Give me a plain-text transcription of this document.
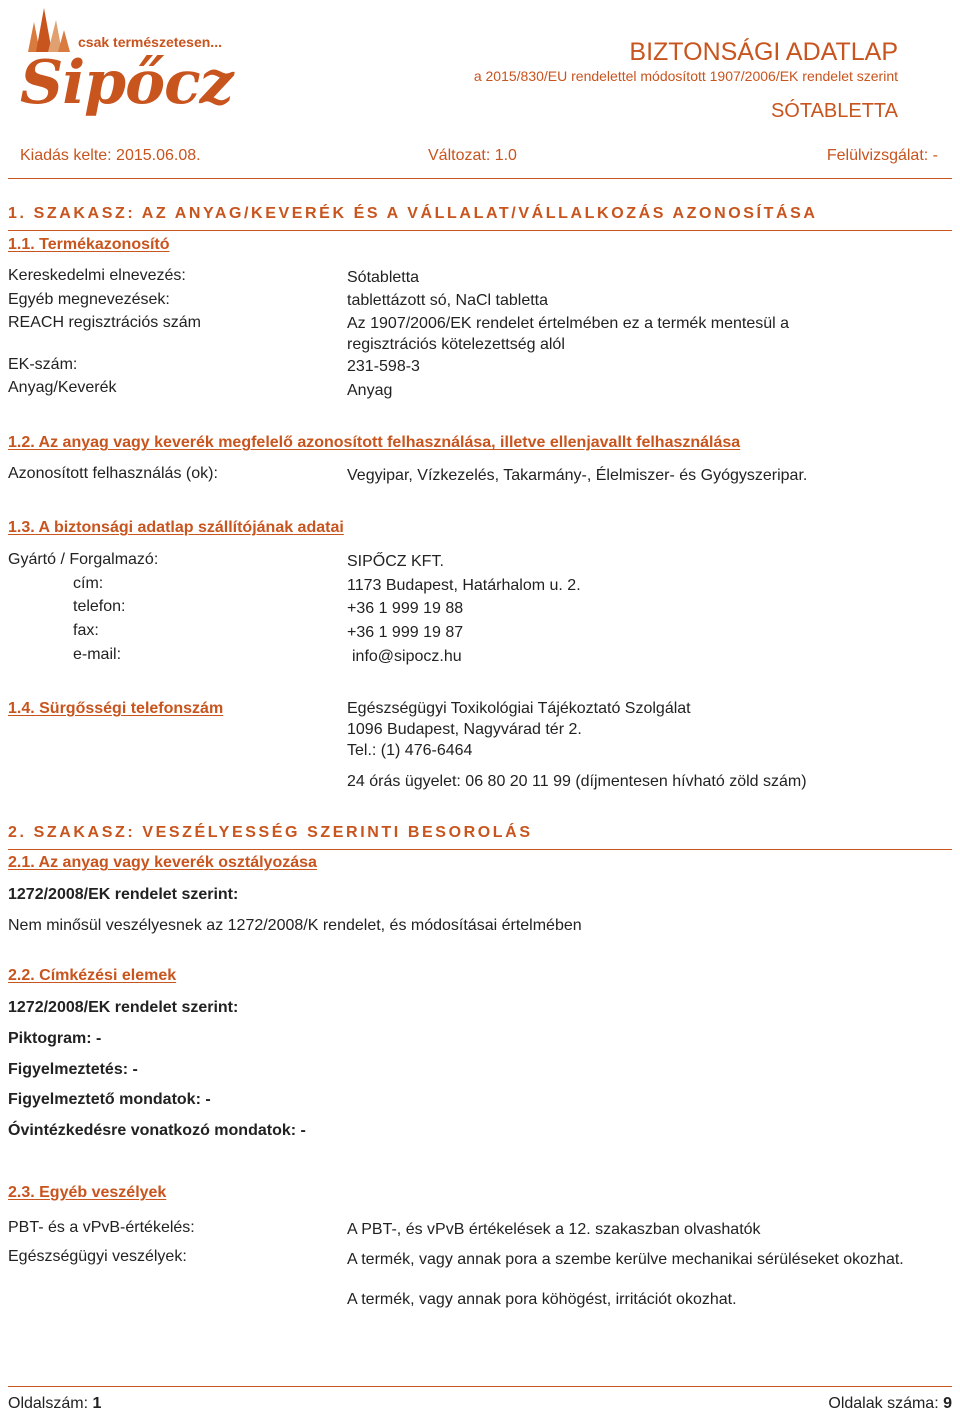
csak természetesen...
Sipőcz	BIZTONSÁGI ADATLAP
a 2015/830/EU rendelettel módosított 1907/2006/EK rendelet szerint
SÓTABLETTA
Kiadás kelte: 2015.06.08.	Változat: 1.0	Felülvizsgálat: -
1. SZAKASZ: AZ ANYAG/KEVERÉK ÉS A VÁLLALAT/VÁLLALKOZÁS AZONOSÍTÁSA
1.1. Termékazonosító
Kereskedelmi elnevezés:	Sótabletta
Egyéb megnevezések:	tablettázott só, NaCl tabletta
REACH regisztrációs szám	Az 1907/2006/EK rendelet értelmében ez a termék mentesül a
regisztrációs kötelezettség alól
EK-szám:	231-598-3
Anyag/Keverék	Anyag
1.2. Az anyag vagy keverék megfelelő azonosított felhasználása, illetve ellenjavallt felhasználása
Azonosított felhasználás (ok):	Vegyipar, Vízkezelés, Takarmány-, Élelmiszer- és Gyógyszeripar.
1.3. A biztonsági adatlap szállítójának adatai
Gyártó / Forgalmazó:	SIPŐCZ KFT.
cím:	1173 Budapest, Határhalom u. 2.
telefon:	+36 1 999 19 88
fax:	+36 1 999 19 87
e-mail:	info@sipocz.hu
1.4. Sürgősségi telefonszám	Egészségügyi Toxikológiai Tájékoztató Szolgálat
1096 Budapest, Nagyvárad tér 2.
Tel.: (1) 476-6464
24 órás ügyelet: 06 80 20 11 99 (díjmentesen hívható zöld szám)
2. SZAKASZ: VESZÉLYESSÉG SZERINTI BESOROLÁS
2.1. Az anyag vagy keverék osztályozása
1272/2008/EK rendelet szerint:
Nem minősül veszélyesnek az 1272/2008/K rendelet, és módosításai értelmében
2.2. Címkézési elemek
1272/2008/EK rendelet szerint:
Piktogram: -
Figyelmeztetés: -
Figyelmeztető mondatok: -
Óvintézkedésre vonatkozó mondatok: -
2.3. Egyéb veszélyek
PBT- és a vPvB-értékelés:	A PBT-, és vPvB értékelések a 12. szakaszban olvashatók
Egészségügyi veszélyek:	A termék, vagy annak pora a szembe kerülve mechanikai sérüléseket okozhat.
A termék, vagy annak pora köhögést, irritációt okozhat.
Oldalszám: 1	Oldalak száma: 9
